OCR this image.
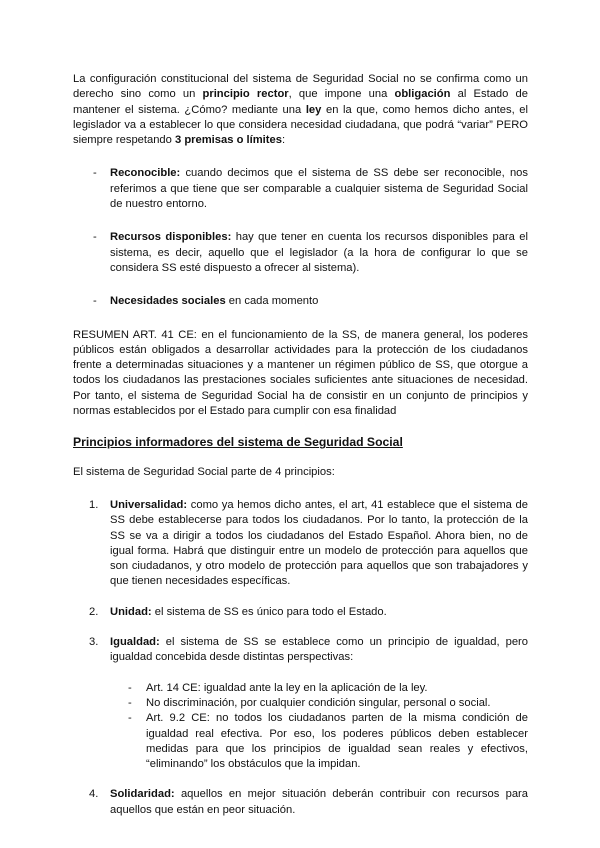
La configuración constitucional del sistema de Seguridad Social no se confirma como un derecho sino como un principio rector, que impone una obligación al Estado de mantener el sistema. ¿Cómo? mediante una ley en la que, como hemos dicho antes, el legislador va a establecer lo que considera necesidad ciudadana, que podrá “variar” PERO siempre respetando 3 premisas o límites:

- Reconocible: cuando decimos que el sistema de SS debe ser reconocible, nos referimos a que tiene que ser comparable a cualquier sistema de Seguridad Social de nuestro entorno.
- Recursos disponibles: hay que tener en cuenta los recursos disponibles para el sistema, es decir, aquello que el legislador (a la hora de configurar lo que se considera SS esté dispuesto a ofrecer al sistema).
- Necesidades sociales en cada momento

RESUMEN ART. 41 CE: en el funcionamiento de la SS, de manera general, los poderes públicos están obligados a desarrollar actividades para la protección de los ciudadanos frente a determinadas situaciones y a mantener un régimen público de SS, que otorgue a todos los ciudadanos las prestaciones sociales suficientes ante situaciones de necesidad. Por tanto, el sistema de Seguridad Social ha de consistir en un conjunto de principios y normas establecidos por el Estado para cumplir con esa finalidad

Principios informadores del sistema de Seguridad Social

El sistema de Seguridad Social parte de 4 principios:

1. Universalidad: como ya hemos dicho antes, el art, 41 establece que el sistema de SS debe establecerse para todos los ciudadanos. Por lo tanto, la protección de la SS se va a dirigir a todos los ciudadanos del Estado Español. Ahora bien, no de igual forma. Habrá que distinguir entre un modelo de protección para aquellos que son ciudadanos, y otro modelo de protección para aquellos que son trabajadores y que tienen necesidades específicas.
2. Unidad: el sistema de SS es único para todo el Estado.
3. Igualdad: el sistema de SS se establece como un principio de igualdad, pero igualdad concebida desde distintas perspectivas:
- Art. 14 CE: igualdad ante la ley en la aplicación de la ley.
- No discriminación, por cualquier condición singular, personal o social.
- Art. 9.2 CE: no todos los ciudadanos parten de la misma condición de igualdad real efectiva. Por eso, los poderes públicos deben establecer medidas para que los principios de igualdad sean reales y efectivos, “eliminando” los obstáculos que la impidan.
4. Solidaridad: aquellos en mejor situación deberán contribuir con recursos para aquellos que están en peor situación.
